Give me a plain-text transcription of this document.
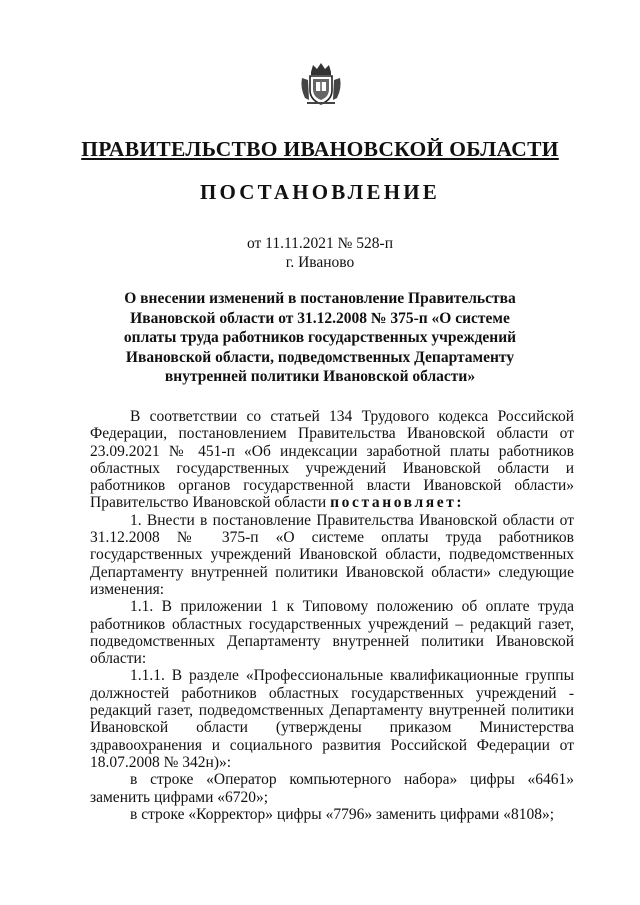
ПРАВИТЕЛЬСТВО ИВАНОВСКОЙ ОБЛАСТИ
ПОСТАНОВЛЕНИЕ
от 11.11.2021 № 528-п
г. Иваново
О внесении изменений в постановление Правительства Ивановской области от 31.12.2008 № 375-п «О системе оплаты труда работников государственных учреждений Ивановской области, подведомственных Департаменту внутренней политики Ивановской области»

В соответствии со статьей 134 Трудового кодекса Российской Федерации, постановлением Правительства Ивановской области от 23.09.2021 № 451-п «Об индексации заработной платы работников областных государственных учреждений Ивановской области и работников органов государственной власти Ивановской области» Правительство Ивановской области постановляет:

1. Внести в постановление Правительства Ивановской области от 31.12.2008 № 375-п «О системе оплаты труда работников государственных учреждений Ивановской области, подведомственных Департаменту внутренней политики Ивановской области» следующие изменения:

1.1. В приложении 1 к Типовому положению об оплате труда работников областных государственных учреждений – редакций газет, подведомственных Департаменту внутренней политики Ивановской области:

1.1.1. В разделе «Профессиональные квалификационные группы должностей работников областных государственных учреждений - редакций газет, подведомственных Департаменту внутренней политики Ивановской области (утверждены приказом Министерства здравоохранения и социального развития Российской Федерации от 18.07.2008 № 342н)»:

в строке «Оператор компьютерного набора» цифры «6461» заменить цифрами «6720»;

в строке «Корректор» цифры «7796» заменить цифрами «8108»;
